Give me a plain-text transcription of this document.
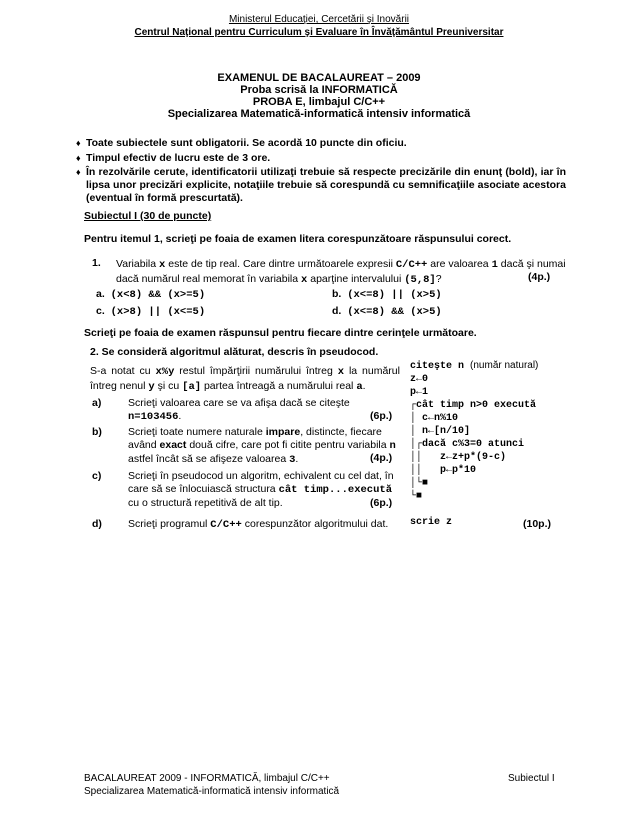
Ministerul Educaţiei, Cercetării şi Inovării
Centrul Naţional pentru Curriculum şi Evaluare în Învăţământul Preuniversitar
EXAMENUL DE BACALAUREAT – 2009
Proba scrisă la INFORMATICĂ
PROBA E, limbajul C/C++
Specializarea Matematică-informatică intensiv informatică
♦ Toate subiectele sunt obligatorii. Se acordă 10 puncte din oficiu.
♦ Timpul efectiv de lucru este de 3 ore.
♦ În rezolvările cerute, identificatorii utilizaţi trebuie să respecte precizările din enunţ (bold), iar în lipsa unor precizări explicite, notaţiile trebuie să corespundă cu semnificaţiile asociate acestora (eventual în formă prescurtată).
Subiectul I (30 de puncte)
Pentru itemul 1, scrieţi pe foaia de examen litera corespunzătoare răspunsului corect.
1. Variabila x este de tip real. Care dintre următoarele expresii C/C++ are valoarea 1 dacă şi numai dacă numărul real memorat în variabila x aparţine intervalului (5,8]?	(4p.)
a. (x<8) && (x>=5)	b. (x<=8) || (x>5)
c. (x>8) || (x<=5)	d. (x<=8) && (x>5)
Scrieţi pe foaia de examen răspunsul pentru fiecare dintre cerinţele următoare.
2. Se consideră algoritmul alăturat, descris în pseudocod.
S-a notat cu x%y restul împărţirii numărului întreg x la numărul întreg nenul y şi cu [a] partea întreagă a numărului real a.
a)	Scrieţi valoarea care se va afişa dacă se citeşte
n=103456.	(6p.)
b)	Scrieţi toate numere naturale impare, distincte, fiecare având exact două cifre, care pot fi citite pentru variabila n astfel încât să se afişeze valoarea 3.	(4p.)
c)	Scrieţi în pseudocod un algoritm, echivalent cu cel dat, în care să se înlocuiască structura cât timp...execută cu o structură repetitivă de alt tip.	(6p.)
d)	Scrieţi programul C/C++ corespunzător algoritmului dat.	(10p.)

citeşte n (număr natural)
z←0
p←1
┌cât timp n>0 execută
│ c←n%10
│ n←[n/10]
│┌dacă c%3=0 atunci
││   z←z+p*(9-c)
││   p←p*10
│└■
└■

scrie z

BACALAUREAT 2009 - INFORMATICĂ, limbajul C/C++
Specializarea Matematică-informatică intensiv informatică
Subiectul I
